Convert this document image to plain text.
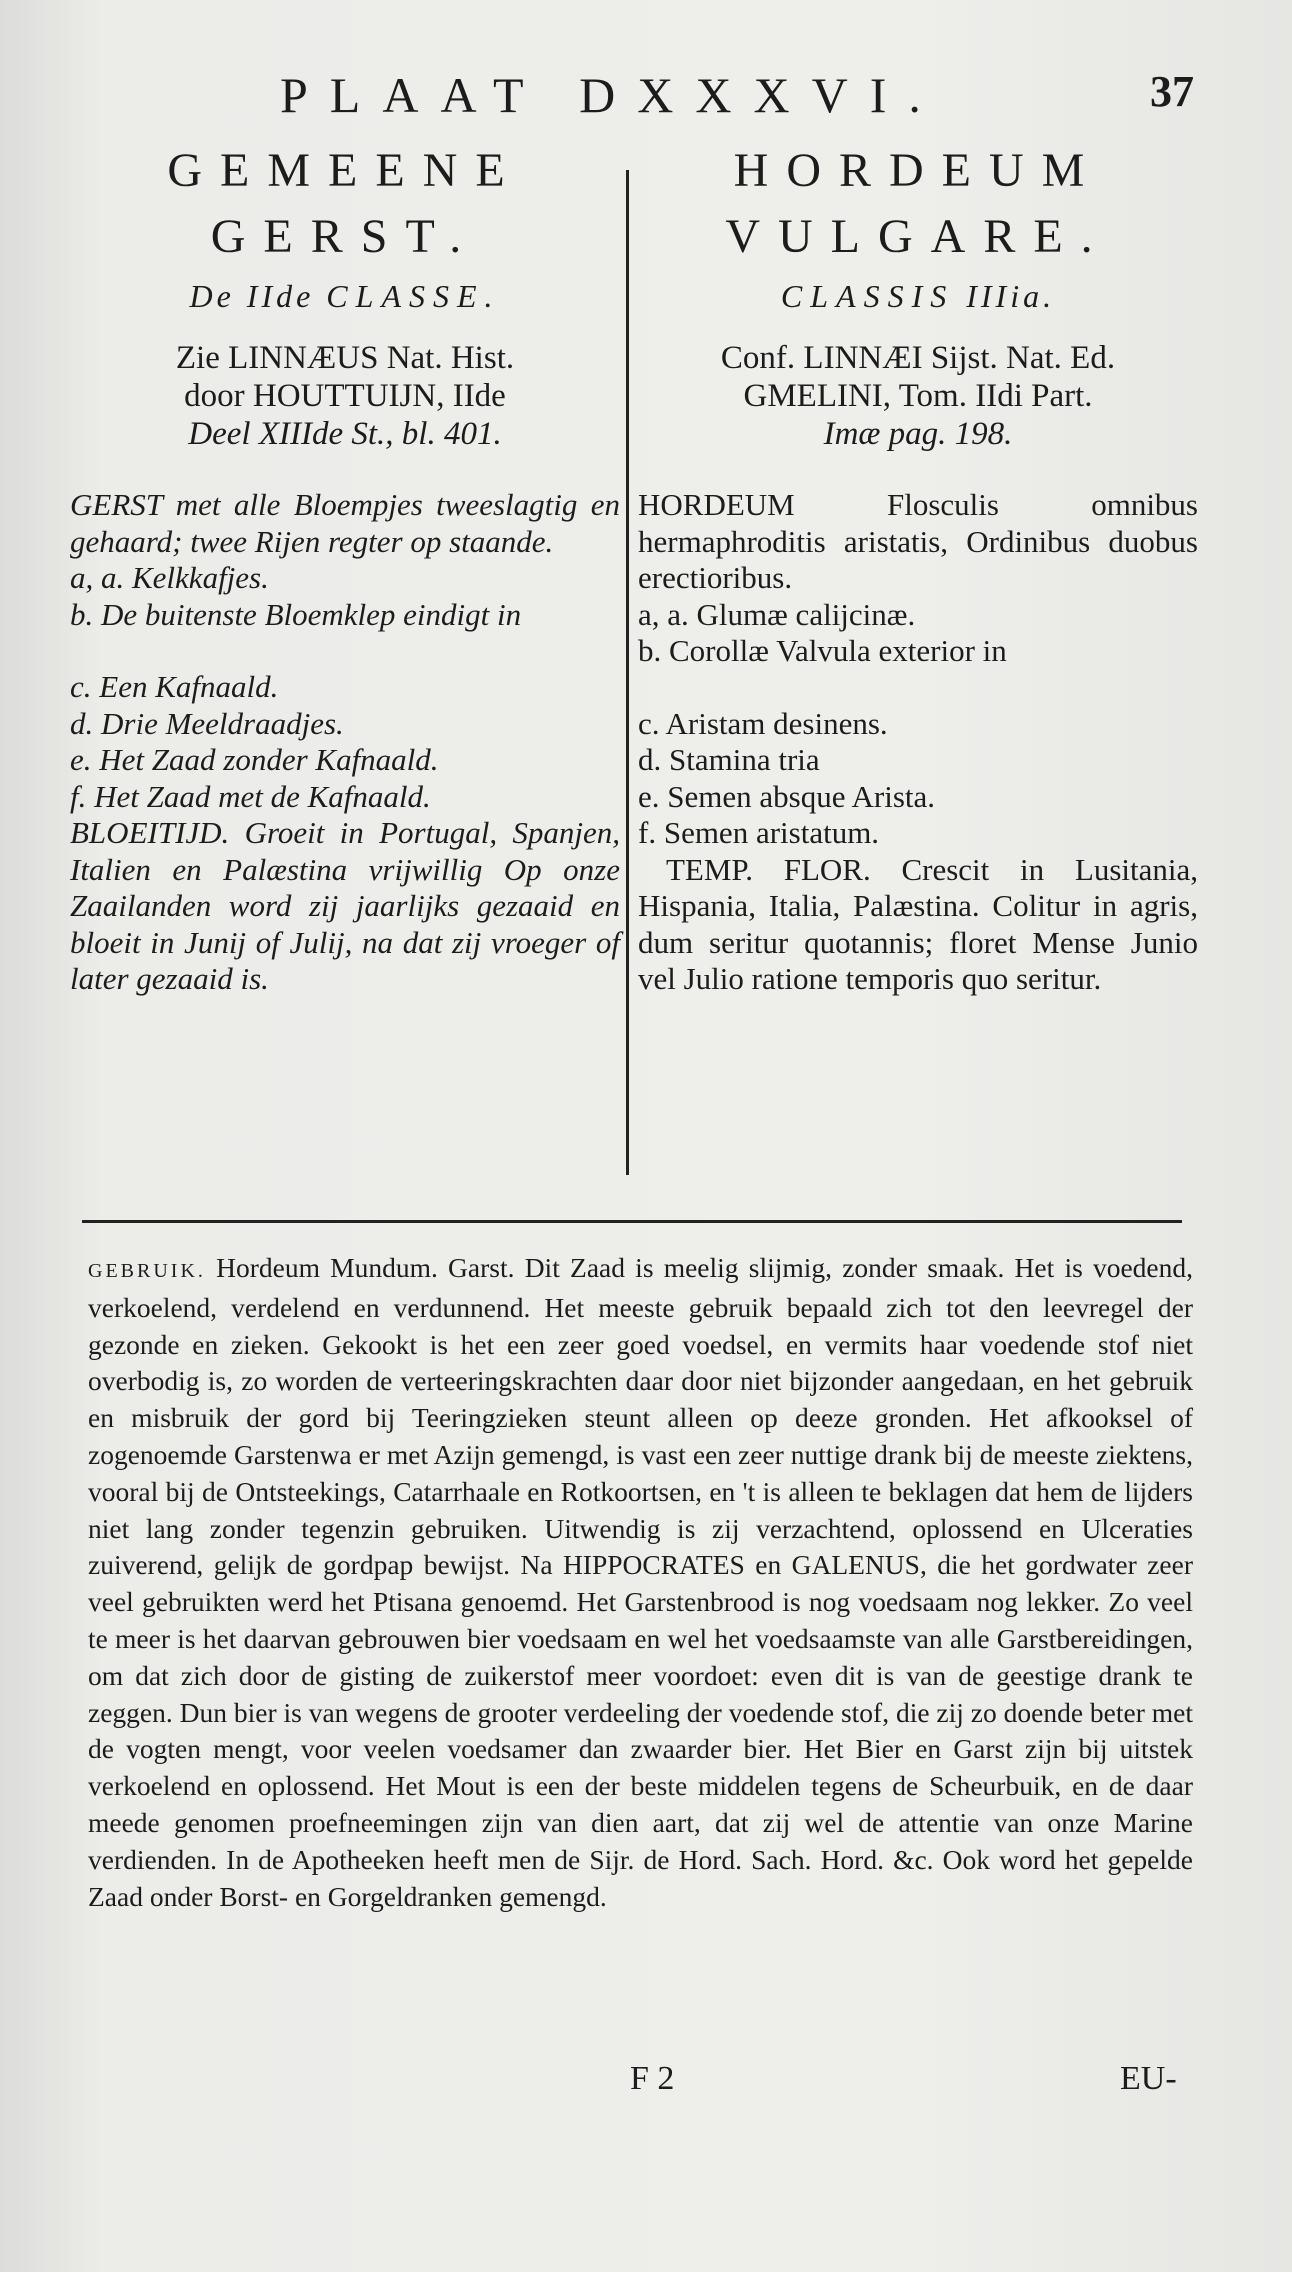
PLAAT DXXXVI.	37
GEMEENE
GERST.
De IIde CLASSE.
Zie LINNÆUS Nat. Hist.
door HOUTTUIJN, IIde
Deel XIIIde St., bl. 401.

GERST met alle Bloempjes tweeslagtig en gehaard; twee Rijen regter op staande.

a, a. Kelkkafjes.

b. De buitenste Bloemklep eindigt in

c. Een Kafnaald.

d. Drie Meeldraadjes.

e. Het Zaad zonder Kafnaald.

f. Het Zaad met de Kafnaald.

BLOEITIJD. Groeit in Portugal, Spanjen, Italien en Palæstina vrijwillig Op onze Zaailanden word zij jaarlijks gezaaid en bloeit in Junij of Julij, na dat zij vroeger of later gezaaid is.

HORDEUM
VULGARE.
CLASSIS IIIia.
Conf. LINNÆI Sijst. Nat. Ed.
GMELINI, Tom. IIdi Part.
Imæ pag. 198.

HORDEUM Flosculis omnibus hermaphroditis aristatis, Ordinibus duobus erectioribus.

a, a. Glumæ calijcinæ.

b. Corollæ Valvula exterior in

c. Aristam desinens.

d. Stamina tria

e. Semen absque Arista.

f. Semen aristatum.

TEMP. FLOR. Crescit in Lusitania, Hispania, Italia, Palæstina. Colitur in agris, dum seritur quotannis; floret Mense Junio vel Julio ratione temporis quo seritur.

GEBRUIK. Hordeum Mundum. Garst. Dit Zaad is meelig slijmig, zonder smaak. Het is voedend, verkoelend, verdelend en verdunnend. Het meeste gebruik bepaald zich tot den leevregel der gezonde en zieken. Gekookt is het een zeer goed voedsel, en vermits haar voedende stof niet overbodig is, zo worden de verteeringskrachten daar door niet bijzonder aangedaan, en het gebruik en misbruik der gord bij Teeringzieken steunt alleen op deeze gronden. Het afkooksel of zogenoemde Garstenwa er met Azijn gemengd, is vast een zeer nuttige drank bij de meeste ziektens, vooral bij de Ontsteekings, Catarrhaale en Rotkoortsen, en 't is alleen te beklagen dat hem de lijders niet lang zonder tegenzin gebruiken. Uitwendig is zij verzachtend, oplossend en Ulceraties zuiverend, gelijk de gordpap bewijst. Na HIPPOCRATES en GALENUS, die het gordwater zeer veel gebruikten werd het Ptisana genoemd. Het Garstenbrood is nog voedsaam nog lekker. Zo veel te meer is het daarvan gebrouwen bier voedsaam en wel het voedsaamste van alle Garstbereidingen, om dat zich door de gisting de zuikerstof meer voordoet: even dit is van de geestige drank te zeggen. Dun bier is van wegens de grooter verdeeling der voedende stof, die zij zo doende beter met de vogten mengt, voor veelen voedsamer dan zwaarder bier. Het Bier en Garst zijn bij uitstek verkoelend en oplossend. Het Mout is een der beste middelen tegens de Scheurbuik, en de daar meede genomen proefneemingen zijn van dien aart, dat zij wel de attentie van onze Marine verdienden. In de Apotheeken heeft men de Sijr. de Hord. Sach. Hord. &c. Ook word het gepelde Zaad onder Borst- en Gorgeldranken gemengd.
F 2	EU-
